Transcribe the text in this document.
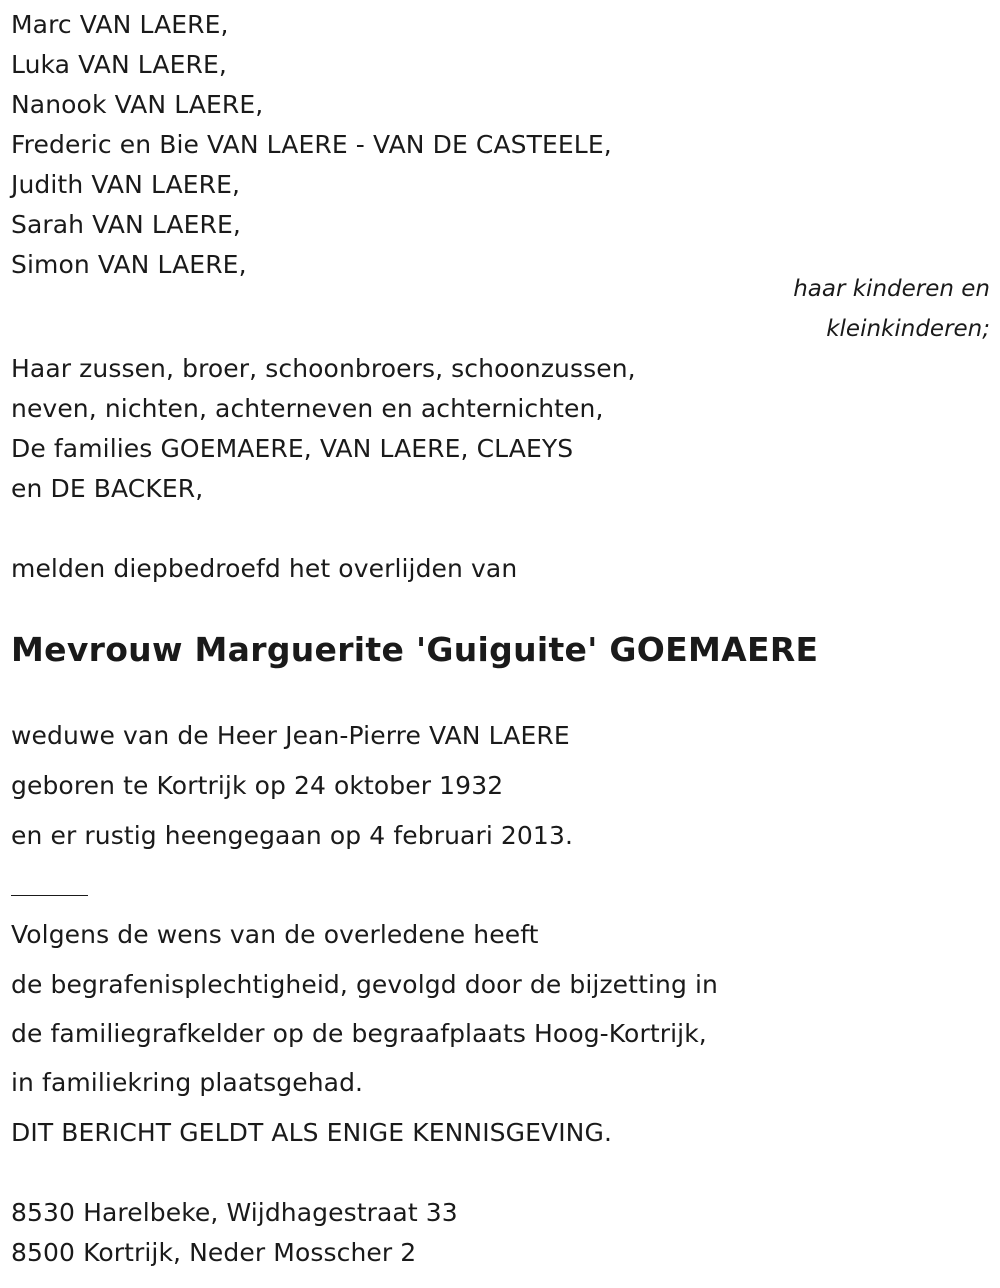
Marc VAN LAERE,
Luka VAN LAERE,
Nanook VAN LAERE,
Frederic en Bie VAN LAERE - VAN DE CASTEELE,
Judith VAN LAERE,
Sarah VAN LAERE,
Simon VAN LAERE,
haar kinderen en
kleinkinderen;
Haar zussen, broer, schoonbroers, schoonzussen,
neven, nichten, achterneven en achternichten,
De families GOEMAERE, VAN LAERE, CLAEYS
en DE BACKER,
melden diepbedroefd het overlijden van
Mevrouw Marguerite 'Guiguite' GOEMAERE
weduwe van de Heer Jean-Pierre VAN LAERE
geboren te Kortrijk op 24 oktober 1932
en er rustig heengegaan op 4 februari 2013.
Volgens de wens van de overledene heeft
de begrafenisplechtigheid, gevolgd door de bijzetting in
de familiegrafkelder op de begraafplaats Hoog-Kortrijk,
in familiekring plaatsgehad.
DIT BERICHT GELDT ALS ENIGE KENNISGEVING.
8530 Harelbeke, Wijdhagestraat 33
8500 Kortrijk, Neder Mosscher 2
